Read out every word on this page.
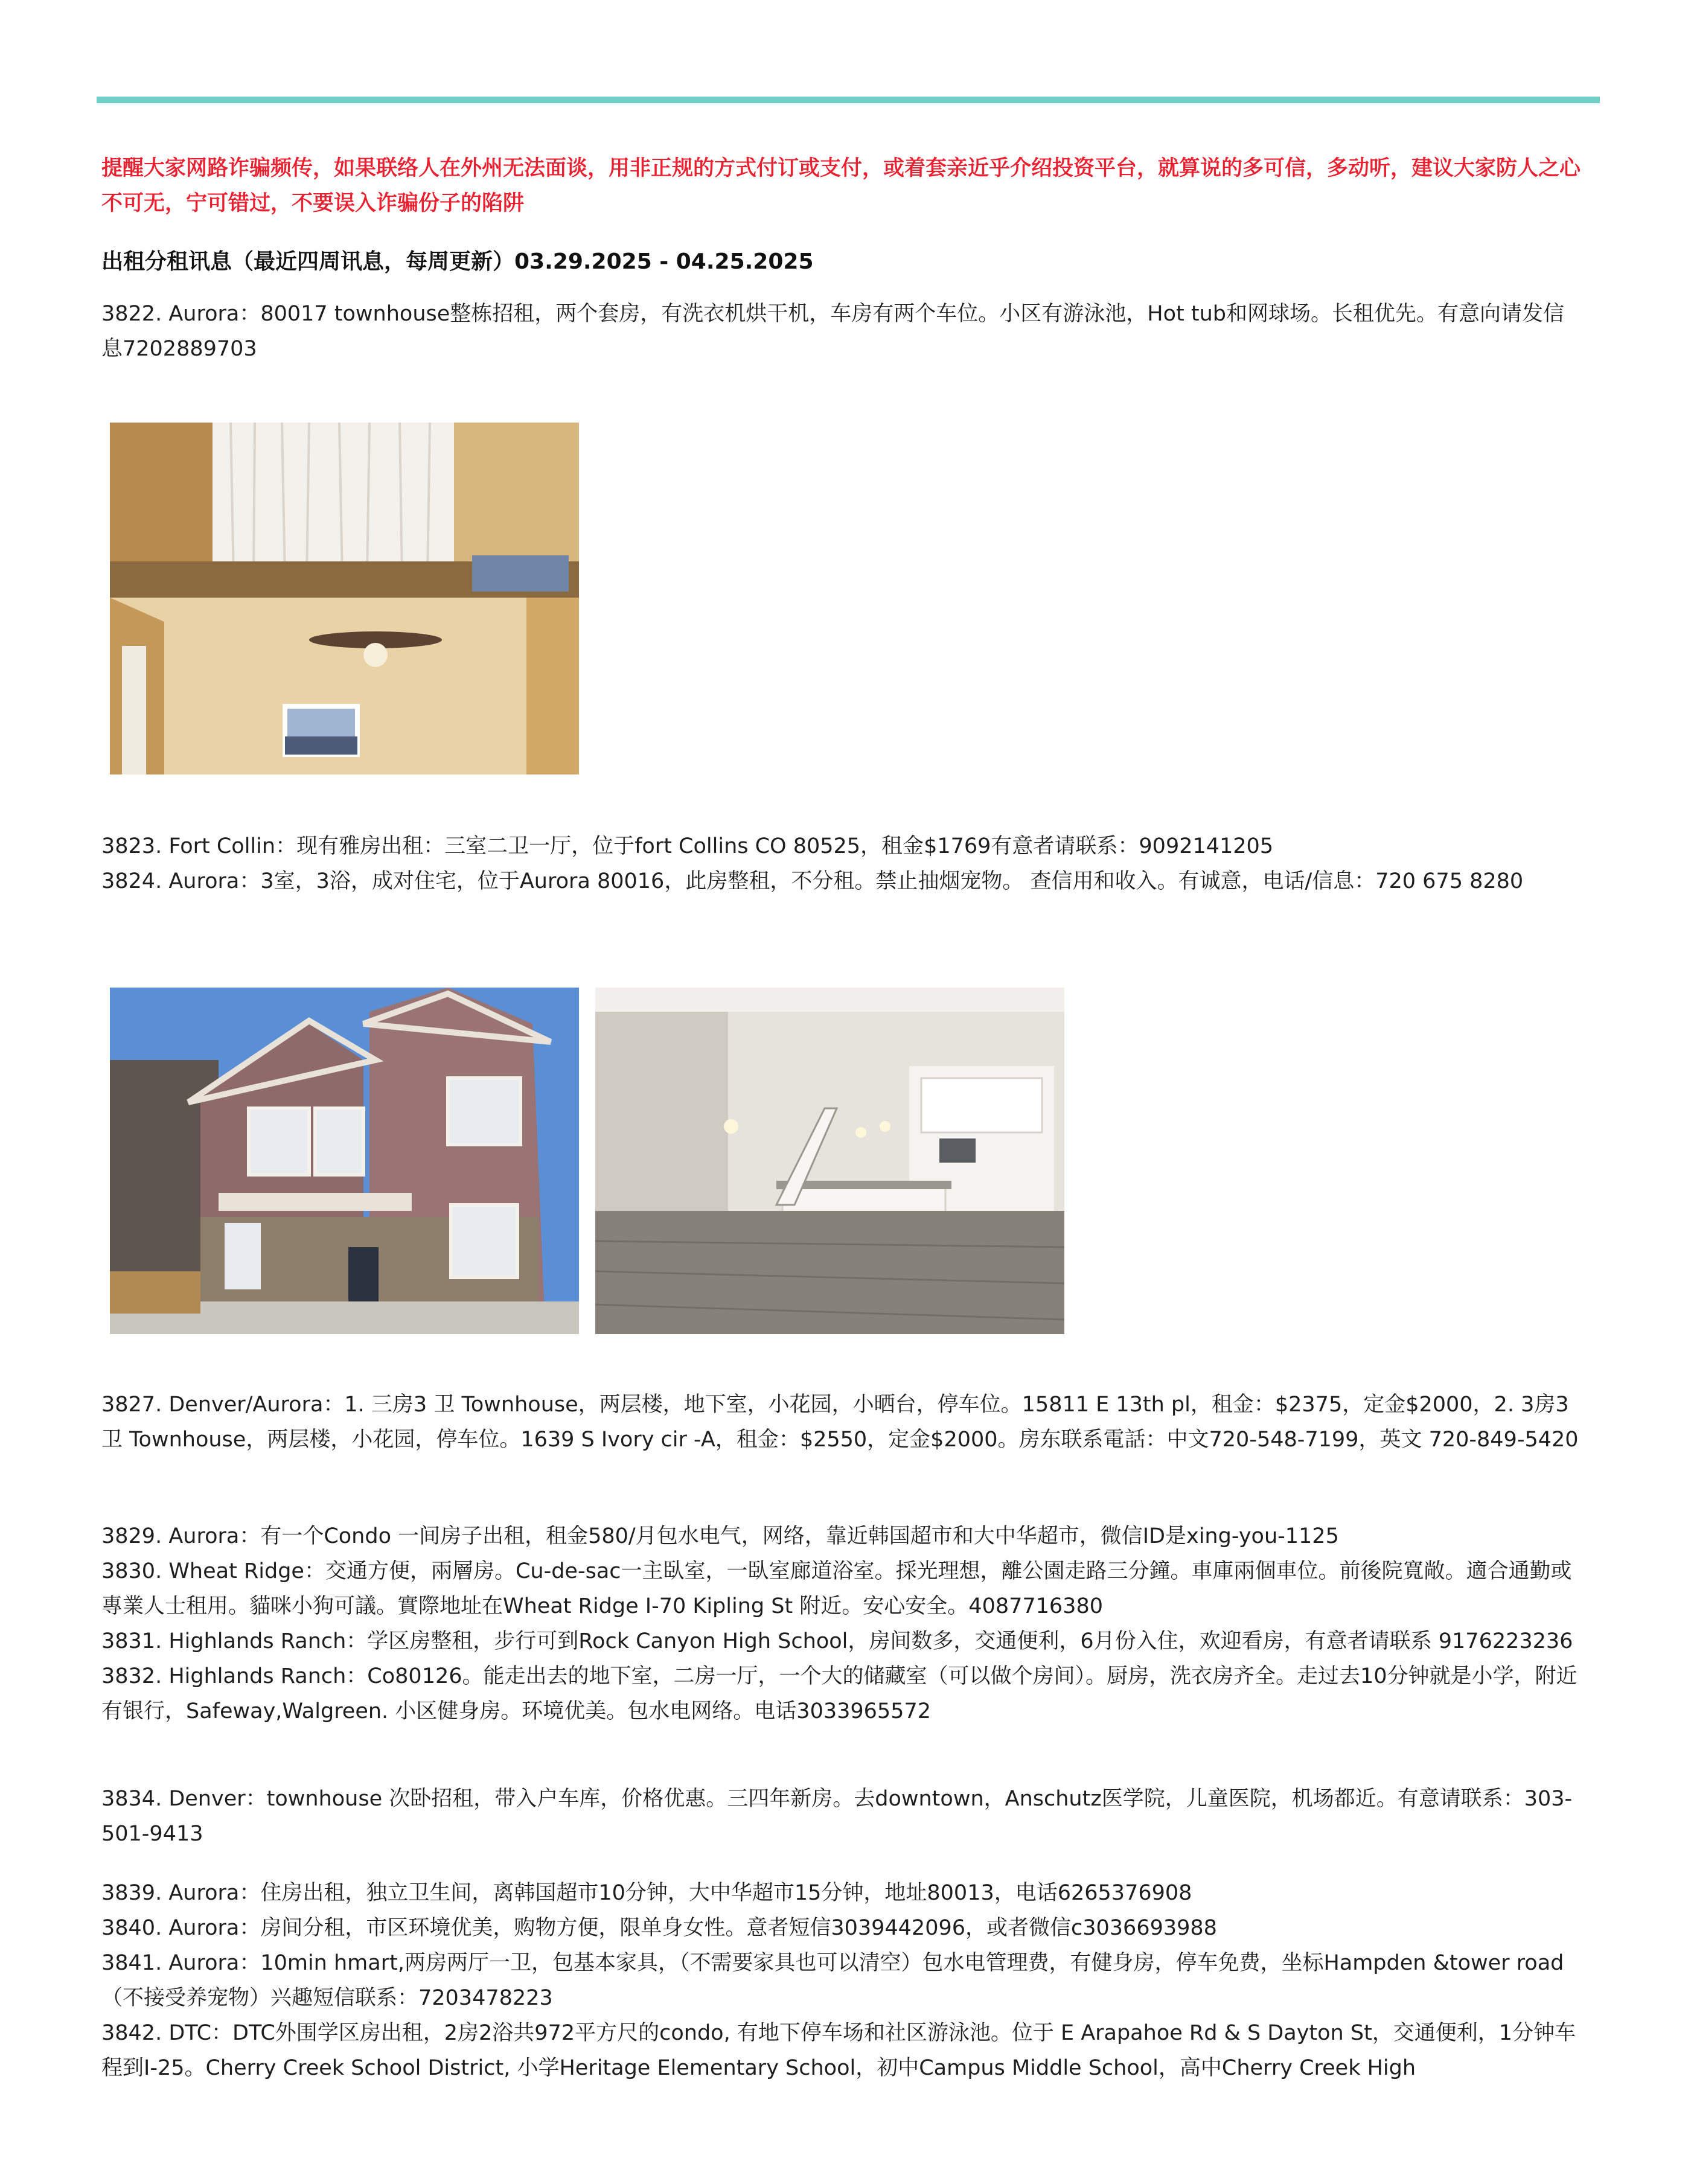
提醒大家网路诈骗频传，如果联络人在外州无法面谈，用非正规的方式付订或支付，或着套亲近乎介绍投资平台，就算说的多可信，多动听，建议大家防人之心不可无，宁可错过，不要误入诈骗份子的陷阱
出租分租讯息（最近四周讯息，每周更新）03.29.2025 - 04.25.2025

3822. Aurora：80017 townhouse整栋招租，两个套房，有洗衣机烘干机，车房有两个车位。小区有游泳池，Hot tub和网球场。长租优先。有意向请发信息7202889703

3823. Fort Collin：现有雅房出租：三室二卫一厅，位于fort Collins CO 80525，租金$1769有意者请联系：9092141205

3824. Aurora：3室，3浴，成对住宅，位于Aurora 80016，此房整租，不分租。禁止抽烟宠物。 查信用和收入。有诚意，电话/信息：720 675 8280

3827. Denver/Aurora：1. 三房3 卫 Townhouse，两层楼，地下室，小花园，小晒台，停车位。15811 E 13th pl，租金：$2375，定金$2000，2. 3房3 卫 Townhouse，两层楼，小花园，停车位。1639 S Ivory cir -A，租金：$2550，定金$2000。房东联系電話：中文720-548-7199，英文 720-849-5420

3829. Aurora：有一个Condo 一间房子出租，租金580/月包水电气，网络，靠近韩国超市和大中华超市，微信ID是xing-you-1125

3830. Wheat Ridge：交通方便，兩層房。Cu-de-sac一主臥室，一臥室廊道浴室。採光理想，離公園走路三分鐘。車庫兩個車位。前後院寬敞。適合通勤或專業人士租用。貓咪小狗可議。實際地址在Wheat Ridge I-70 Kipling St 附近。安心安全。4087716380

3831. Highlands Ranch：学区房整租，步行可到Rock Canyon High School，房间数多，交通便利，6月份入住，欢迎看房，有意者请联系 9176223236

3832. Highlands Ranch：Co80126。能走出去的地下室，二房一厅，一个大的储藏室（可以做个房间）。厨房，洗衣房齐全。走过去10分钟就是小学，附近有银行，Safeway,Walgreen. 小区健身房。环境优美。包水电网络。电话3033965572

3834. Denver：townhouse 次卧招租，带入户车库，价格优惠。三四年新房。去downtown，Anschutz医学院，儿童医院，机场都近。有意请联系：303-501-9413

3839. Aurora：住房出租，独立卫生间，离韩国超市10分钟，大中华超市15分钟，地址80013，电话6265376908

3840. Aurora：房间分租，市区环境优美，购物方便，限单身女性。意者短信3039442096，或者微信c3036693988

3841. Aurora：10min hmart,两房两厅一卫，包基本家具，（不需要家具也可以清空）包水电管理费，有健身房，停车免费，坐标Hampden &tower road （不接受养宠物）兴趣短信联系：7203478223

3842. DTC：DTC外围学区房出租，2房2浴共972平方尺的condo, 有地下停车场和社区游泳池。位于 E Arapahoe Rd & S Dayton St，交通便利，1分钟车程到I-25。Cherry Creek School District, 小学Heritage Elementary School，初中Campus Middle School，高中Cherry Creek High
